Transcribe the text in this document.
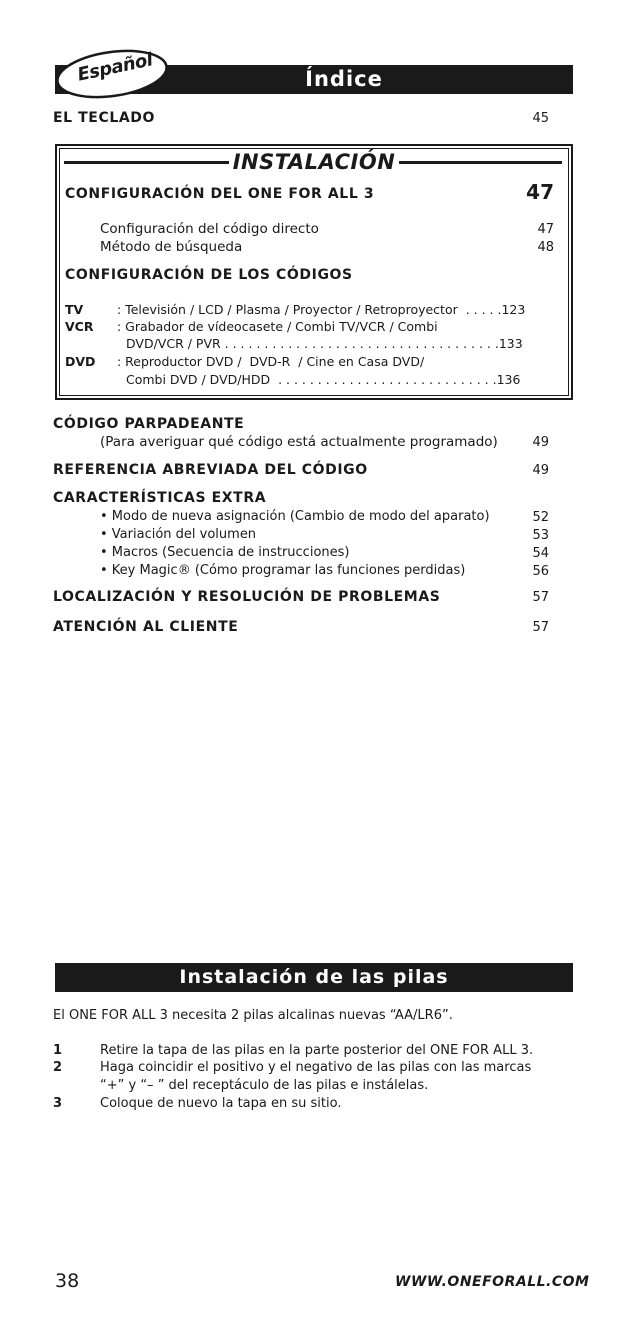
Índice
Español
EL TECLADO	45
INSTALACIÓN
CONFIGURACIÓN DEL ONE FOR ALL 3	47
Configuración del código directo	47
Método de búsqueda	48
CONFIGURACIÓN DE LOS CÓDIGOS
TV	: Televisión / LCD / Plasma / Proyector / Retroproyector  . . . . .123
VCR : Grabador de vídeocasete / Combi TV/VCR / Combi
DVD/VCR / PVR . . . . . . . . . . . . . . . . . . . . . . . . . . . . . . . . . . .133
DVD : Reproductor DVD /  DVD-R  / Cine en Casa DVD/
Combi DVD / DVD/HDD  . . . . . . . . . . . . . . . . . . . . . . . . . . . .136
CÓDIGO PARPADEANTE
(Para averiguar qué código está actualmente programado)	49
REFERENCIA ABREVIADA DEL CÓDIGO	49
CARACTERÍSTICAS EXTRA
• Modo de nueva asignación (Cambio de modo del aparato)	52
• Variación del volumen	53
• Macros (Secuencia de instrucciones)	54
• Key Magic® (Cómo programar las funciones perdidas)	56
LOCALIZACIÓN Y RESOLUCIÓN DE PROBLEMAS	57
ATENCIÓN AL CLIENTE	57
Instalación de las pilas
El ONE FOR ALL 3 necesita 2 pilas alcalinas nuevas “AA/LR6”.
1	Retire la tapa de las pilas en la parte posterior del ONE FOR ALL 3.
2	Haga coincidir el positivo y el negativo de las pilas con las marcas
“+” y “– ” del receptáculo de las pilas e instálelas.
3	Coloque de nuevo la tapa en su sitio.
38	WWW.ONEFORALL.COM
